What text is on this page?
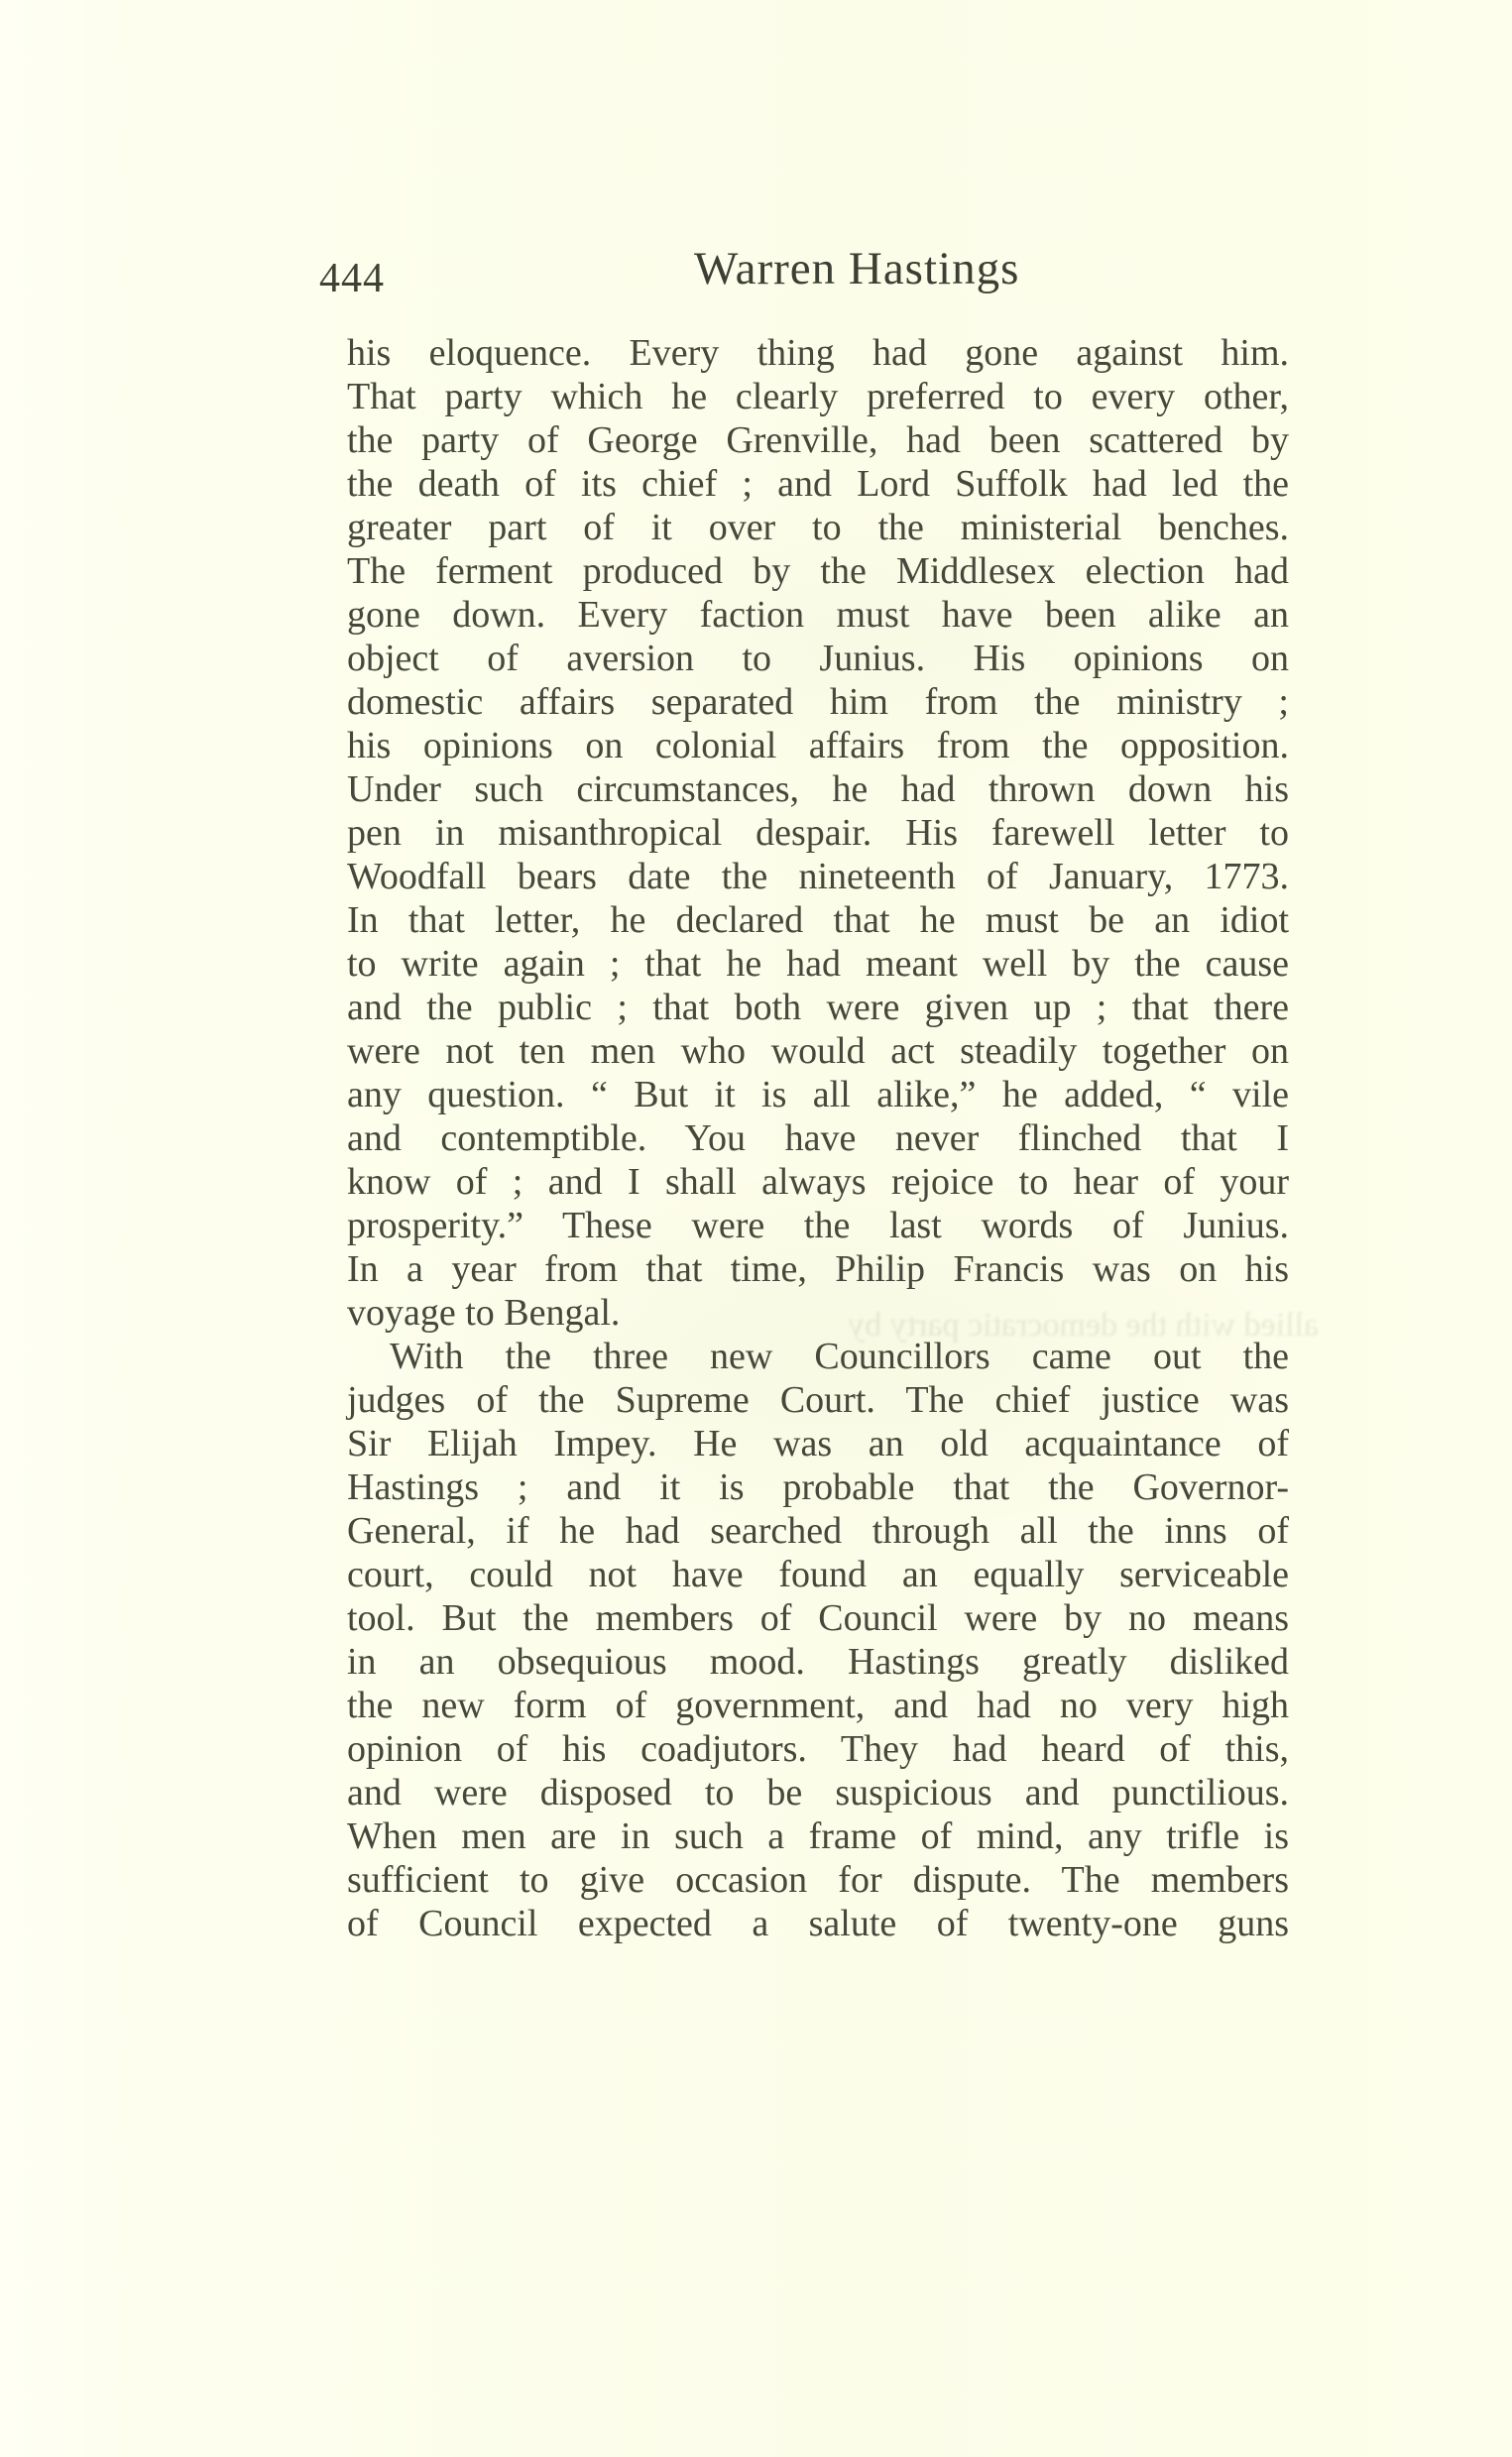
444	Warren Hastings
allied with the democratic party by
his eloquence. Every thing had gone against him.
That party which he clearly preferred to every other,
the party of George Grenville, had been scattered by
the death of its chief ; and Lord Suffolk had led the
greater part of it over to the ministerial benches.
The ferment produced by the Middlesex election had
gone down. Every faction must have been alike an
object of aversion to Junius. His opinions on
domestic affairs separated him from the ministry ;
his opinions on colonial affairs from the opposition.
Under such circumstances, he had thrown down his
pen in misanthropical despair. His farewell letter to
Woodfall bears date the nineteenth of January, 1773.
In that letter, he declared that he must be an idiot
to write again ; that he had meant well by the cause
and the public ; that both were given up ; that there
were not ten men who would act steadily together on
any question. “ But it is all alike,” he added, “ vile
and contemptible. You have never flinched that I
know of ; and I shall always rejoice to hear of your
prosperity.” These were the last words of Junius.
In a year from that time, Philip Francis was on his
voyage to Bengal.
With the three new Councillors came out the
judges of the Supreme Court. The chief justice was
Sir Elijah Impey. He was an old acquaintance of
Hastings ; and it is probable that the Governor-
General, if he had searched through all the inns of
court, could not have found an equally serviceable
tool. But the members of Council were by no means
in an obsequious mood. Hastings greatly disliked
the new form of government, and had no very high
opinion of his coadjutors. They had heard of this,
and were disposed to be suspicious and punctilious.
When men are in such a frame of mind, any trifle is
sufficient to give occasion for dispute. The members
of Council expected a salute of twenty-one guns
